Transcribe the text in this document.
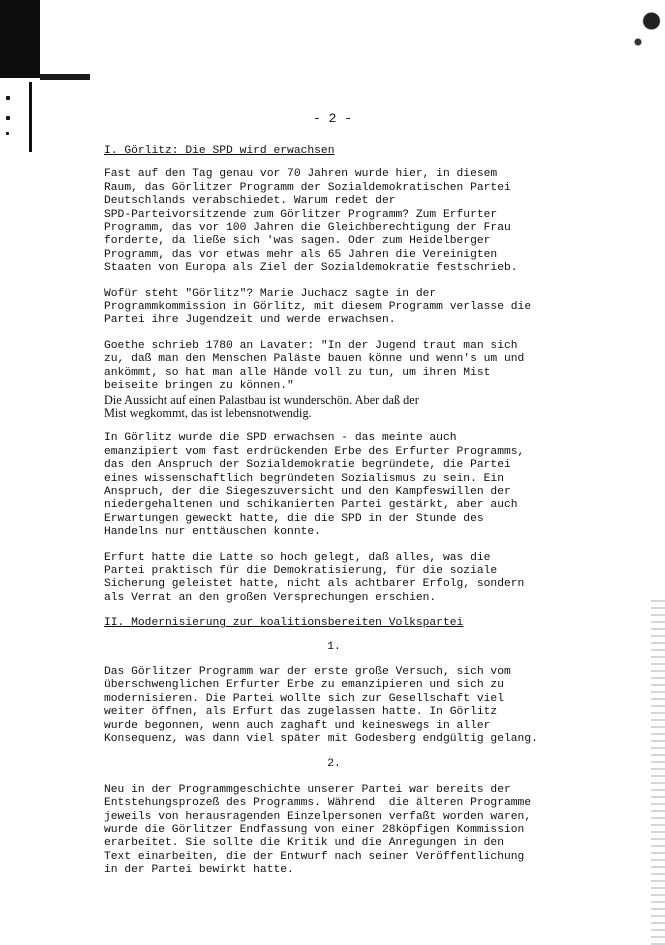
- 2 -
I. Görlitz: Die SPD wird erwachsen
Fast auf den Tag genau vor 70 Jahren wurde hier, in diesem
Raum, das Görlitzer Programm der Sozialdemokratischen Partei
Deutschlands verabschiedet. Warum redet der
SPD-Parteivorsitzende zum Görlitzer Programm? Zum Erfurter
Programm, das vor 100 Jahren die Gleichberechtigung der Frau
forderte, da ließe sich 'was sagen. Oder zum Heidelberger
Programm, das vor etwas mehr als 65 Jahren die Vereinigten
Staaten von Europa als Ziel der Sozialdemokratie festschrieb.
Wofür steht "Görlitz"? Marie Juchacz sagte in der
Programmkommission in Görlitz, mit diesem Programm verlasse die
Partei ihre Jugendzeit und werde erwachsen.
Goethe schrieb 1780 an Lavater: "In der Jugend traut man sich
zu, daß man den Menschen Paläste bauen könne und wenn's um und
ankömmt, so hat man alle Hände voll zu tun, um ihren Mist
beiseite bringen zu können."
Die Aussicht auf einen Palastbau ist wunderschön. Aber daß der
Mist wegkommt, das ist lebensnotwendig.
In Görlitz wurde die SPD erwachsen - das meinte auch
emanzipiert vom fast erdrückenden Erbe des Erfurter Programms,
das den Anspruch der Sozialdemokratie begründete, die Partei
eines wissenschaftlich begründeten Sozialismus zu sein. Ein
Anspruch, der die Siegeszuversicht und den Kampfeswillen der
niedergehaltenen und schikanierten Partei gestärkt, aber auch
Erwartungen geweckt hatte, die die SPD in der Stunde des
Handelns nur enttäuschen konnte.
Erfurt hatte die Latte so hoch gelegt, daß alles, was die
Partei praktisch für die Demokratisierung, für die soziale
Sicherung geleistet hatte, nicht als achtbarer Erfolg, sondern
als Verrat an den großen Versprechungen erschien.
II. Modernisierung zur koalitionsbereiten Volkspartei
1.
Das Görlitzer Programm war der erste große Versuch, sich vom
überschwenglichen Erfurter Erbe zu emanzipieren und sich zu
modernisieren. Die Partei wollte sich zur Gesellschaft viel
weiter öffnen, als Erfurt das zugelassen hatte. In Görlitz
wurde begonnen, wenn auch zaghaft und keineswegs in aller
Konsequenz, was dann viel später mit Godesberg endgültig gelang.
2.
Neu in der Programmgeschichte unserer Partei war bereits der
Entstehungsprozeß des Programms. Während  die älteren Programme
jeweils von herausragenden Einzelpersonen verfaßt worden waren,
wurde die Görlitzer Endfassung von einer 28köpfigen Kommission
erarbeitet. Sie sollte die Kritik und die Anregungen in den
Text einarbeiten, die der Entwurf nach seiner Veröffentlichung
in der Partei bewirkt hatte.
